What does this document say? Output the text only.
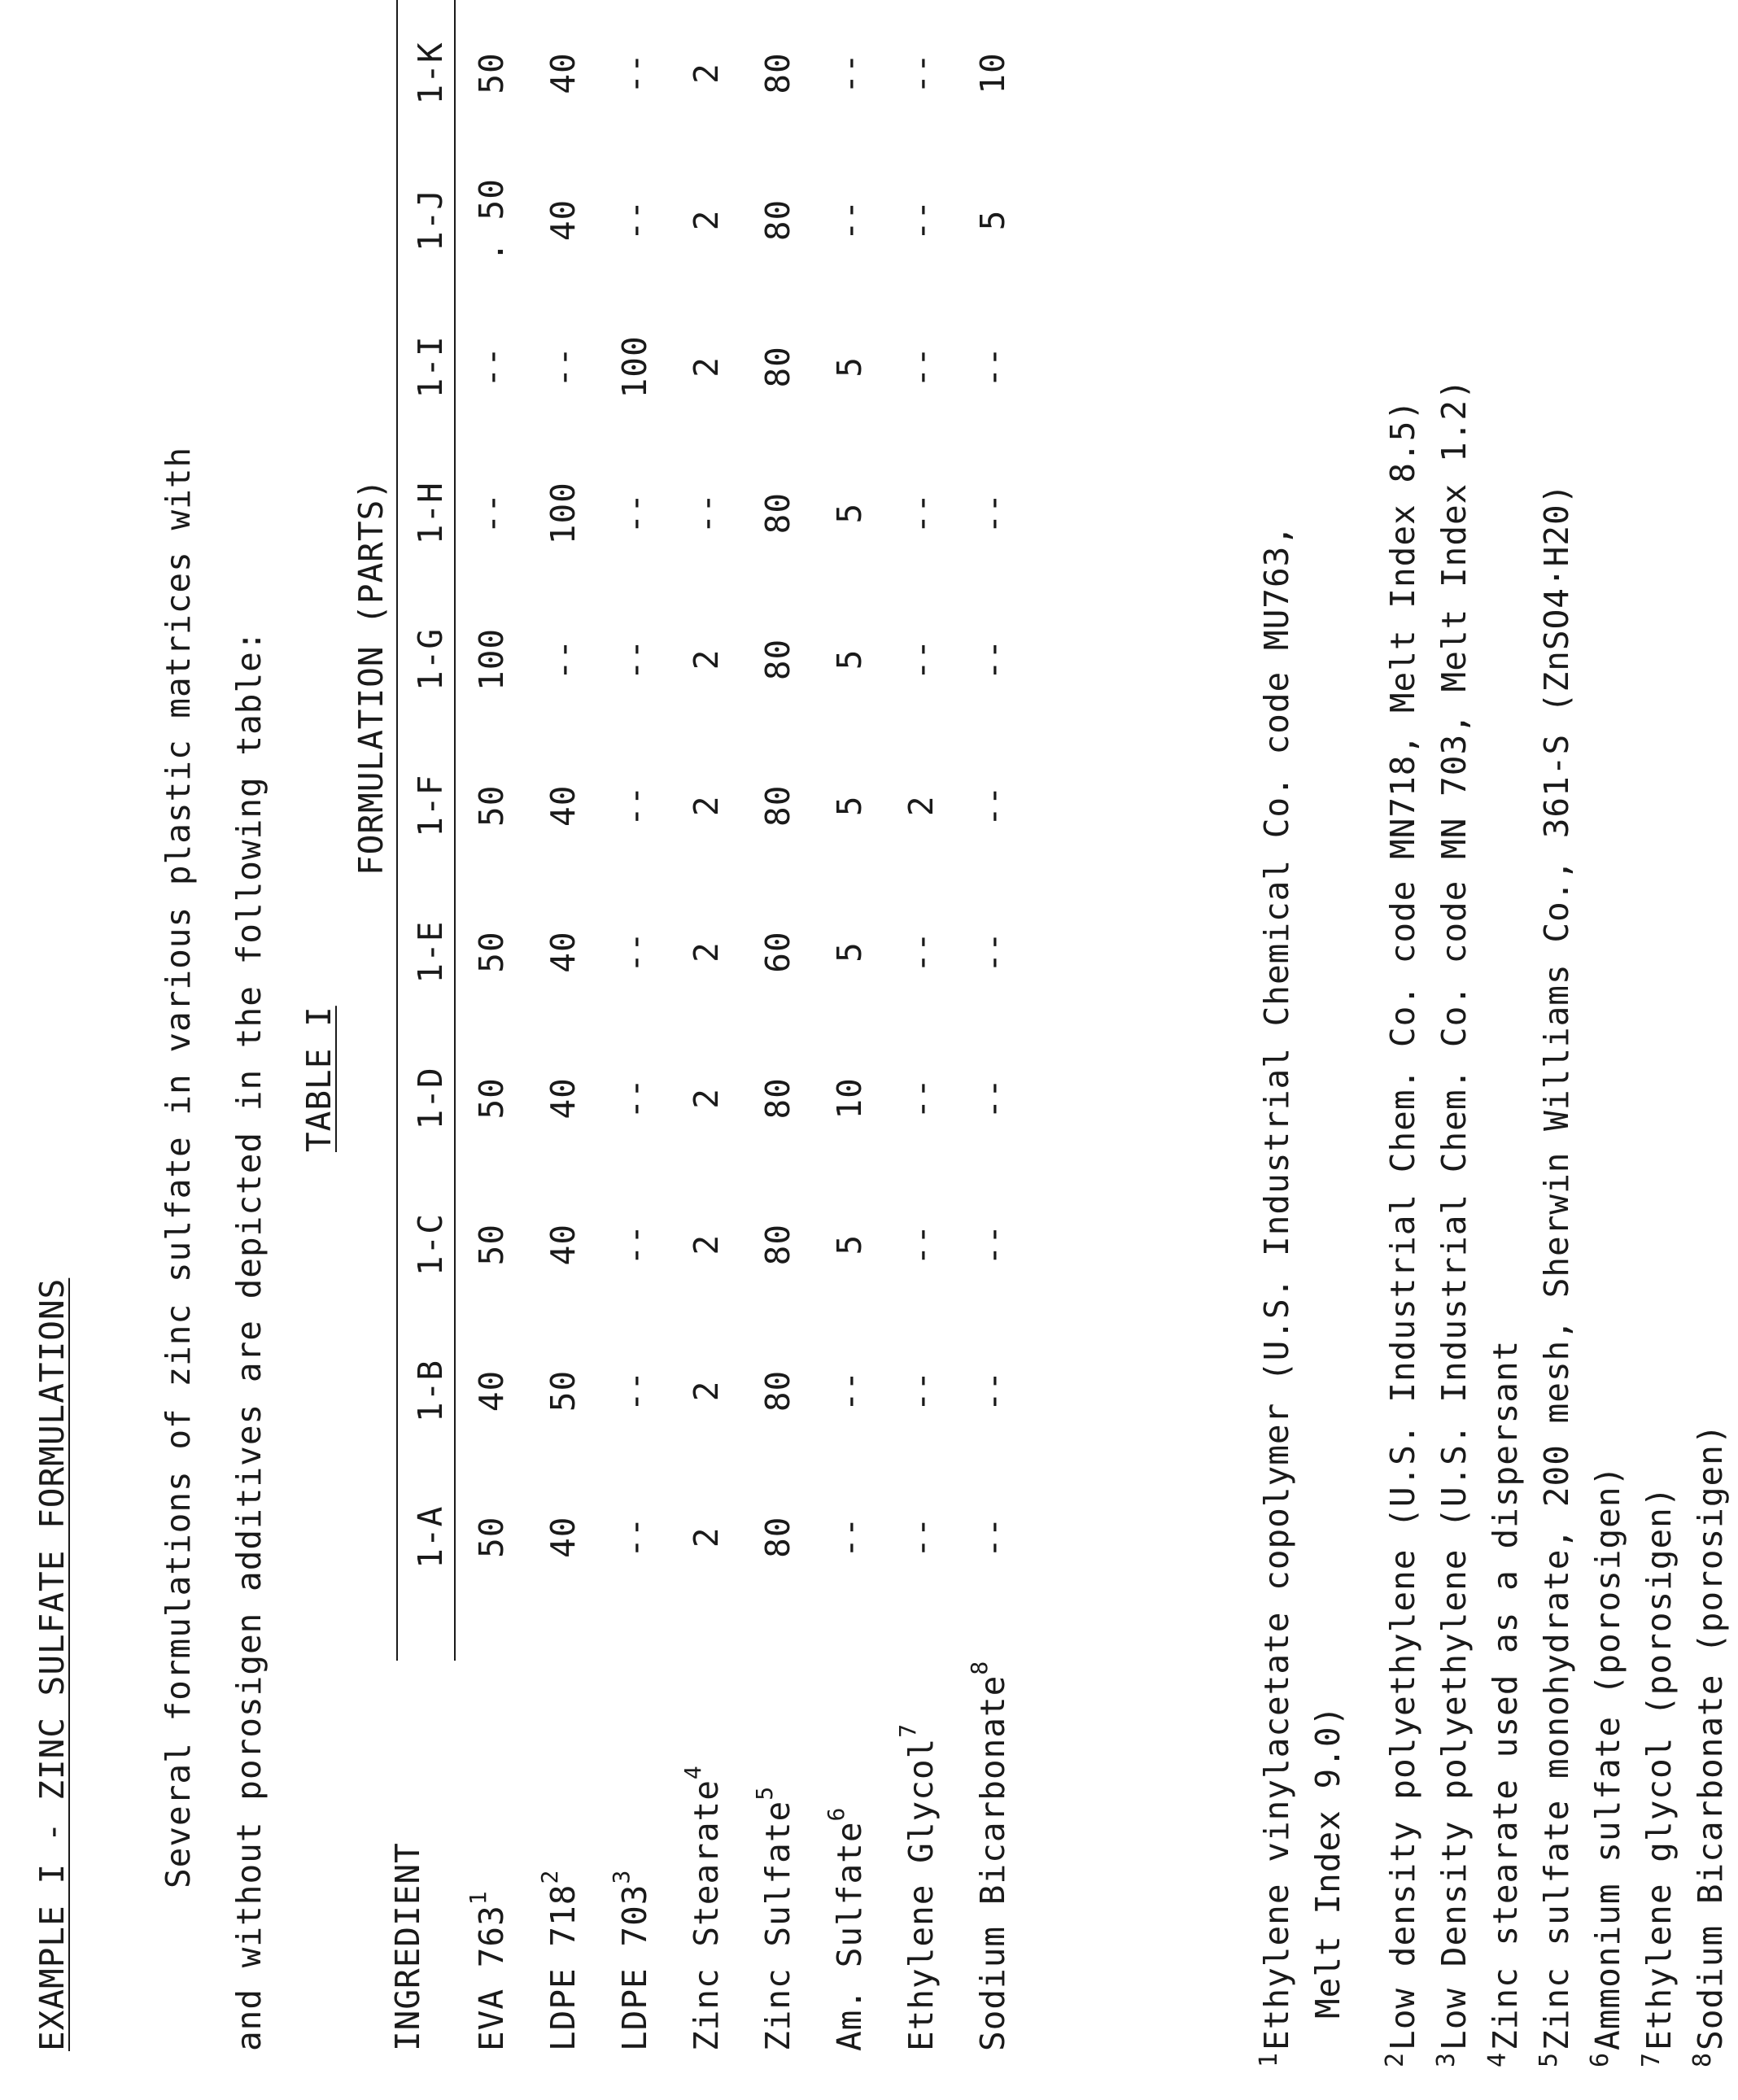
EXAMPLE I - ZINC SULFATE FORMULATIONS	Several formulations of zinc sulfate in various plastic matrices with and without porosigen additives are depicted in the following table: TABLE I
FORMULATION (PARTS)
INGREDIENT
	1-A	1-B	1-C	1-D	1-E	1-F	1-G	1-H	1-I	1-J	1-K
EVA $763^1$	50	40	50	50	50	50	100	--	--	. 50	50
LDPE $718^2$	40	50	40	40	40	40	--	100	--	40	40
LDPE $703^3$	--	--	--	--	--	--	--	--	100	--	--
Zinc Stearate$^4$	2	2	2	2	2	2	2	--	2	2	2
Zinc Sulfate$^5$	80	80	80	80	60	80	80	80	80	80	80
Am. Sulfate$^6$	--	--	5	10	5	5	5	5	5	--	--
Ethylene Glycol$^7$	--	--	--	--	--	2	--	--	--	--	--
Sodium Bicarbonate$^8$	--	--	--	--	--	--	--	--	--	5	10
$^1$Ethylene vinylacetate copolymer (U.S. Industrial Chemical Co. code MU763, Melt Index 9.0)
$^2$Low density polyethylene (U.S. Industrial Chem. Co. code MN718, Melt Index 8.5)
$^3$Low Density polyethylene (U.S. Industrial Chem. Co. code MN 703, Melt Index 1.2)
$^4$Zinc stearate used as a dispersant
$^5$Zinc sulfate monohydrate, 200 mesh, Sherwin Williams Co., 361-S (ZnSO4·H20)
$^6$Ammonium sulfate (porosigen)
$^7$Ethylene glycol (porosigen)
$^8$Sodium Bicarbonate (porosigen)
